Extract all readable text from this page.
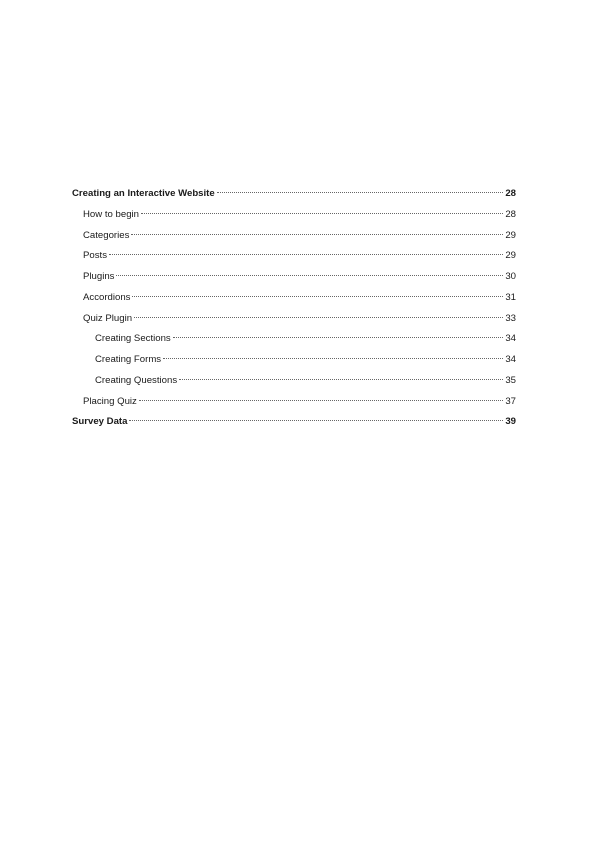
Creating an Interactive Website	28
How to begin	28
Categories	29
Posts	29
Plugins	30
Accordions	31
Quiz Plugin	33
Creating Sections	34
Creating Forms	34
Creating Questions	35
Placing Quiz	37
Survey Data	39
